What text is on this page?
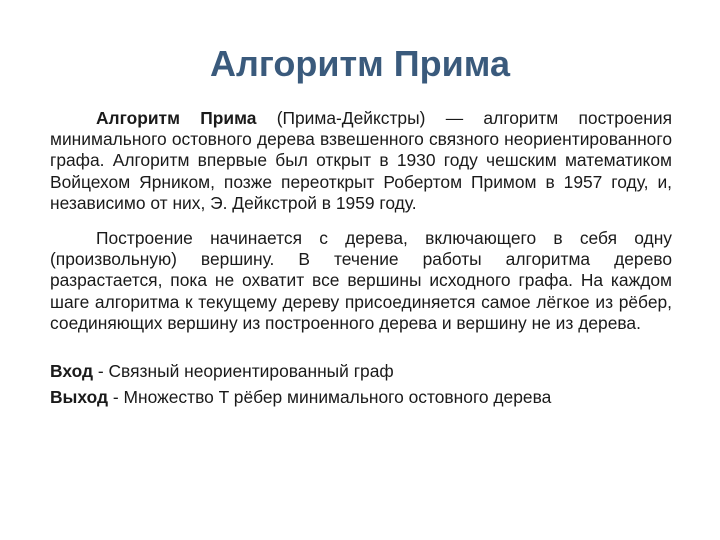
Алгоритм Прима

Алгоритм Прима (Прима-Дейкстры) — алгоритм построения минимального остовного дерева взвешенного связного неориентированного графа. Алгоритм впервые был открыт в 1930 году чешским математиком Войцехом Ярником, позже переоткрыт Робертом Примом в 1957 году, и, независимо от них, Э. Дейкстрой в 1959 году.

Построение начинается с дерева, включающего в себя одну (произвольную) вершину. В течение работы алгоритма дерево разрастается, пока не охватит все вершины исходного графа. На каждом шаге алгоритма к текущему дереву присоединяется самое лёгкое из рёбер, соединяющих вершину из построенного дерева и вершину не из дерева.

Вход - Связный неориентированный граф

Выход - Множество T рёбер минимального остовного дерева
